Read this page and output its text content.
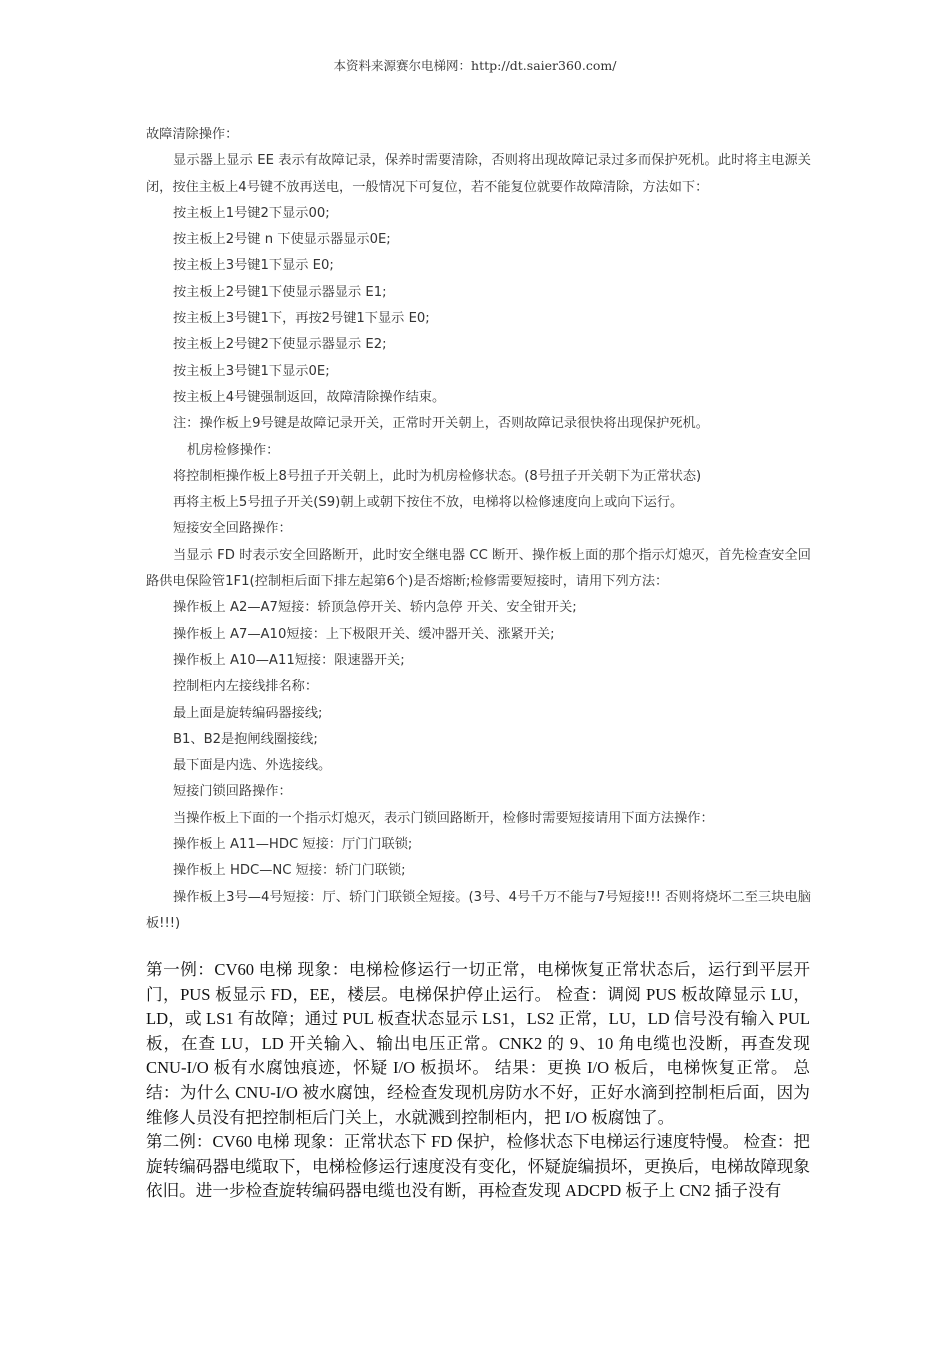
本资料来源赛尔电梯网：http://dt.saier360.com/
故障清除操作：
显示器上显示 EE 表示有故障记录，保养时需要清除，否则将出现故障记录过多而保护死机。此时将主电源关闭，按住主板上4号键不放再送电，一般情况下可复位，若不能复位就要作故障清除，方法如下：
按主板上1号键2下显示00;
按主板上2号键 n 下使显示器显示0E;
按主板上3号键1下显示 E0;
按主板上2号键1下使显示器显示 E1;
按主板上3号键1下，再按2号键1下显示 E0;
按主板上2号键2下使显示器显示 E2;
按主板上3号键1下显示0E;
按主板上4号键强制返回，故障清除操作结束。
注：操作板上9号键是故障记录开关，正常时开关朝上，否则故障记录很快将出现保护死机。
机房检修操作：
将控制柜操作板上8号扭子开关朝上，此时为机房检修状态。(8号扭子开关朝下为正常状态)
再将主板上5号扭子开关(S9)朝上或朝下按住不放，电梯将以检修速度向上或向下运行。
短接安全回路操作：
当显示 FD 时表示安全回路断开，此时安全继电器 CC 断开、操作板上面的那个指示灯熄灭，首先检查安全回路供电保险管1F1(控制柜后面下排左起第6个)是否熔断;检修需要短接时，请用下列方法：
操作板上 A2—A7短接：轿顶急停开关、轿内急停 开关、安全钳开关;
操作板上 A7—A10短接：上下极限开关、缓冲器开关、涨紧开关;
操作板上 A10—A11短接：限速器开关;
控制柜内左接线排名称：
最上面是旋转编码器接线;
B1、B2是抱闸线圈接线;
最下面是内选、外选接线。
短接门锁回路操作：
当操作板上下面的一个指示灯熄灭，表示门锁回路断开，检修时需要短接请用下面方法操作：
操作板上 A11—HDC 短接：厅门门联锁;
操作板上 HDC—NC 短接：轿门门联锁;
操作板上3号—4号短接：厅、轿门门联锁全短接。(3号、4号千万不能与7号短接!!! 否则将烧坏二至三块电脑板!!!)

第一例：CV60 电梯 现象：电梯检修运行一切正常，电梯恢复正常状态后，运行到平层开门，PUS 板显示 FD，EE，楼层。电梯保护停止运行。 检查：调阅 PUS 板故障显示 LU，LD，或 LS1 有故障；通过 PUL 板查状态显示 LS1，LS2 正常，LU，LD 信号没有输入 PUL 板，在查 LU，LD 开关输入、输出电压正常。CNK2 的 9、10 角电缆也没断，再查发现 CNU-I/O 板有水腐蚀痕迹，怀疑 I/O 板损坏。 结果：更换 I/O 板后，电梯恢复正常。 总结：为什么 CNU-I/O 被水腐蚀，经检查发现机房防水不好，正好水滴到控制柜后面，因为维修人员没有把控制柜后门关上，水就溅到控制柜内，把 I/O 板腐蚀了。

第二例：CV60 电梯 现象：正常状态下 FD 保护，检修状态下电梯运行速度特慢。 检查：把旋转编码器电缆取下，电梯检修运行速度没有变化，怀疑旋编损坏，更换后，电梯故障现象依旧。进一步检查旋转编码器电缆也没有断，再检查发现 ADCPD 板子上 CN2 插子没有
